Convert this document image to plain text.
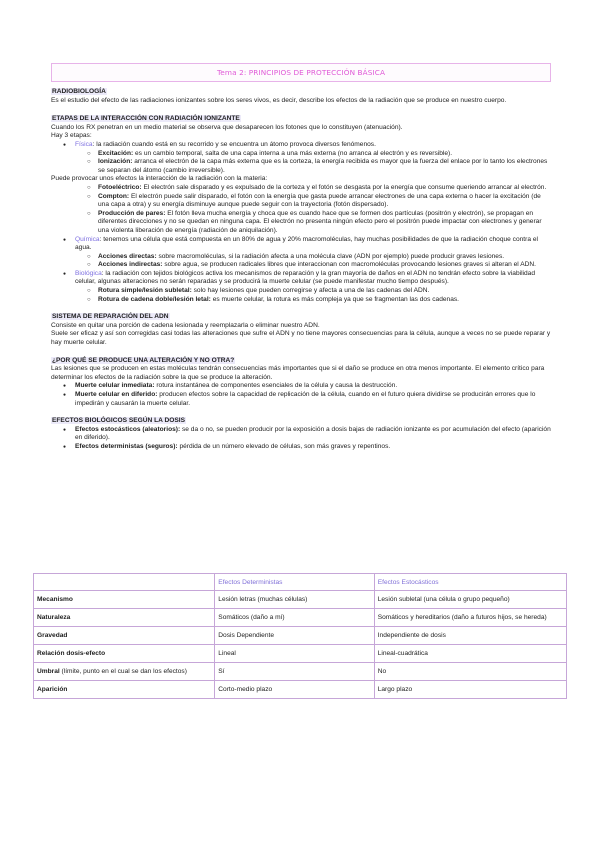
Tema 2: PRINCIPIOS DE PROTECCIÓN BÁSICA
RADIOBIOLOGÍA

Es el estudio del efecto de las radiaciones ionizantes sobre los seres vivos, es decir, describe los efectos de la radiación que se produce en nuestro cuerpo.

ETAPAS DE LA INTERACCIÓN CON RADIACIÓN IONIZANTE

Cuando los RX penetran en un medio material se observa que desaparecen los fotones que lo constituyen (atenuación).

Hay 3 etapas:

● Física: la radiación cuando está en su recorrido y se encuentra un átomo provoca diversos fenómenos.
○ Excitación: es un cambio temporal, salta de una capa interna a una más externa (no arranca al electrón y es reversible).
○ Ionización: arranca el electrón de la capa más externa que es la corteza, la energía recibida es mayor que la fuerza del enlace por lo tanto los electrones se separan del átomo (cambio irreversible).

Puede provocar unos efectos la interacción de la radiación con la materia:

○ Fotoeléctrico: El electrón sale disparado y es expulsado de la corteza y el fotón se desgasta por la energía que consume queriendo arrancar al electrón.
○ Compton: El electrón puede salir disparado, el fotón con la energía que gasta puede arrancar electrones de una capa externa o hacer la excitación (de una capa a otra) y su energía disminuye aunque puede seguir con la trayectoria (fotón dispersado).
○ Producción de pares: El fotón lleva mucha energía y choca que es cuando hace que se formen dos partículas (positrón y electrón), se propagan en diferentes direcciones y no se quedan en ninguna capa. El electrón no presenta ningún efecto pero el positrón puede impactar con electrones y generar una violenta liberación de energía (radiación de aniquilación).
● Química: tenemos una célula que está compuesta en un 80% de agua y 20% macromoléculas, hay muchas posibilidades de que la radiación choque contra el agua.
○ Acciones directas: sobre macromoléculas, si la radiación afecta a una molécula clave (ADN por ejemplo) puede producir graves lesiones.
○ Acciones indirectas: sobre agua, se producen radicales libres que interaccionan con macromoléculas provocando lesiones graves si alteran el ADN.
● Biológica: la radiación con tejidos biológicos activa los mecanismos de reparación y la gran mayoría de daños en el ADN no tendrán efecto sobre la viabilidad celular, algunas alteraciones no serán reparadas y se producirá la muerte celular (se puede manifestar mucho tiempo después).
○ Rotura simple/lesión subletal: solo hay lesiones que pueden corregirse y afecta a una de las cadenas del ADN.
○ Rotura de cadena doble/lesión letal: es muerte celular, la rotura es más compleja ya que se fragmentan las dos cadenas.
SISTEMA DE REPARACIÓN DEL ADN

Consiste en quitar una porción de cadena lesionada y reemplazarla o eliminar nuestro ADN.

Suele ser eficaz y así son corregidas casi todas las alteraciones que sufre el ADN y no tiene mayores consecuencias para la célula, aunque a veces no se puede reparar y hay muerte celular.

¿POR QUÉ SE PRODUCE UNA ALTERACIÓN Y NO OTRA?

Las lesiones que se producen en estas moléculas tendrán consecuencias más importantes que si el daño se produce en otra menos importante. El elemento crítico para determinar los efectos de la radiación sobre la que se produce la alteración.

● Muerte celular inmediata: rotura instantánea de componentes esenciales de la célula y causa la destrucción.
● Muerte celular en diferido: producen efectos sobre la capacidad de replicación de la célula, cuando en el futuro quiera dividirse se producirán errores que lo impedirán y causarán la muerte celular.
EFECTOS BIOLÓGICOS SEGÚN LA DOSIS
● Efectos estocásticos (aleatorios): se da o no, se pueden producir por la exposición a dosis bajas de radiación ionizante es por acumulación del efecto (aparición en diferido).
● Efectos deterministas (seguros): pérdida de un número elevado de células, son más graves y repentinos.
	Efectos Deterministas	Efectos Estocásticos
Mecanismo	Lesión letras (muchas células)	Lesión subletal (una célula o grupo pequeño)
Naturaleza	Somáticos (daño a mí)	Somáticos y hereditarios (daño a futuros hijos, se hereda)
Gravedad	Dosis Dependiente	Independiente de dosis
Relación dosis-efecto	Lineal	Lineal-cuadrática
Umbral (límite, punto en el cual se dan los efectos)	Sí	No
Aparición	Corto-medio plazo	Largo plazo
